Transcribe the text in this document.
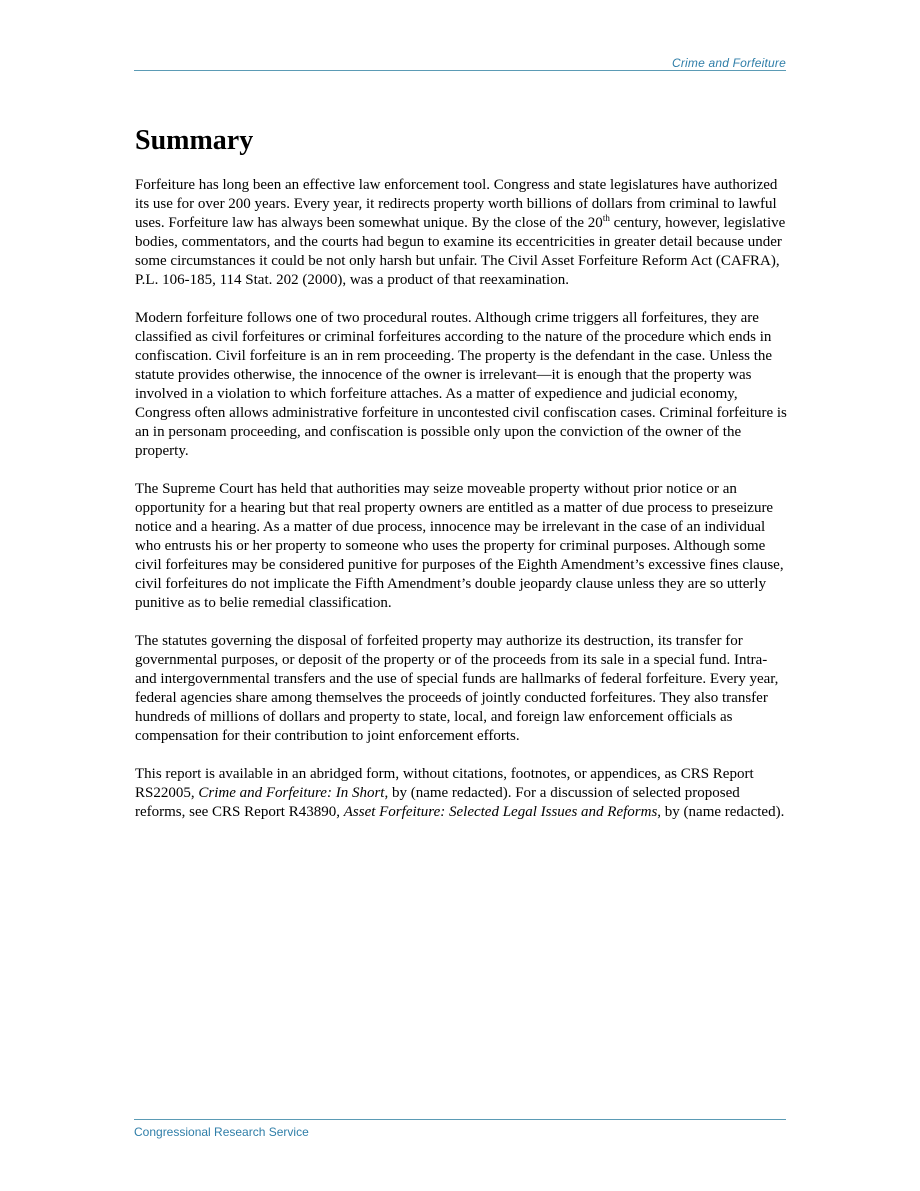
Crime and Forfeiture
Summary

Forfeiture has long been an effective law enforcement tool. Congress and state legislatures have authorized its use for over 200 years. Every year, it redirects property worth billions of dollars from criminal to lawful uses. Forfeiture law has always been somewhat unique. By the close of the 20th century, however, legislative bodies, commentators, and the courts had begun to examine its eccentricities in greater detail because under some circumstances it could be not only harsh but unfair. The Civil Asset Forfeiture Reform Act (CAFRA), P.L. 106-185, 114 Stat. 202 (2000), was a product of that reexamination.

Modern forfeiture follows one of two procedural routes. Although crime triggers all forfeitures, they are classified as civil forfeitures or criminal forfeitures according to the nature of the procedure which ends in confiscation. Civil forfeiture is an in rem proceeding. The property is the defendant in the case. Unless the statute provides otherwise, the innocence of the owner is irrelevant—it is enough that the property was involved in a violation to which forfeiture attaches. As a matter of expedience and judicial economy, Congress often allows administrative forfeiture in uncontested civil confiscation cases. Criminal forfeiture is an in personam proceeding, and confiscation is possible only upon the conviction of the owner of the property.

The Supreme Court has held that authorities may seize moveable property without prior notice or an opportunity for a hearing but that real property owners are entitled as a matter of due process to preseizure notice and a hearing. As a matter of due process, innocence may be irrelevant in the case of an individual who entrusts his or her property to someone who uses the property for criminal purposes. Although some civil forfeitures may be considered punitive for purposes of the Eighth Amendment’s excessive fines clause, civil forfeitures do not implicate the Fifth Amendment’s double jeopardy clause unless they are so utterly punitive as to belie remedial classification.

The statutes governing the disposal of forfeited property may authorize its destruction, its transfer for governmental purposes, or deposit of the property or of the proceeds from its sale in a special fund. Intra- and intergovernmental transfers and the use of special funds are hallmarks of federal forfeiture. Every year, federal agencies share among themselves the proceeds of jointly conducted forfeitures. They also transfer hundreds of millions of dollars and property to state, local, and foreign law enforcement officials as compensation for their contribution to joint enforcement efforts.

This report is available in an abridged form, without citations, footnotes, or appendices, as CRS Report RS22005, Crime and Forfeiture: In Short, by (name redacted). For a discussion of selected proposed reforms, see CRS Report R43890, Asset Forfeiture: Selected Legal Issues and Reforms, by (name redacted).

Congressional Research Service
